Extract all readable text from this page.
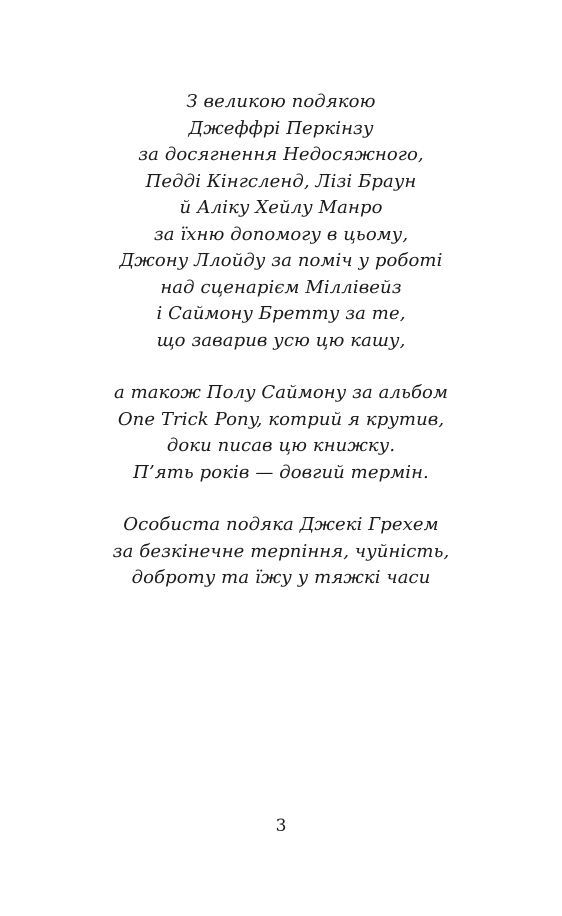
З великою подякою
Джеффрі Перкінзу
за досягнення Недосяжного,
Педді Кінгсленд, Лізі Браун
й Аліку Хейлу Манро
за їхню допомогу в цьому,
Джону Ллойду за поміч у роботі
над сценарієм Міллівейз
і Саймону Бретту за те,
що заварив усю цю кашу,

а також Полу Саймону за альбом
One Trick Pony, котрий я крутив,
доки писав цю книжку.
П’ять років — довгий термін.

Особиста подяка Джекі Грехем
за безкінечне терпіння, чуйність,
доброту та їжу у тяжкі часи

3
